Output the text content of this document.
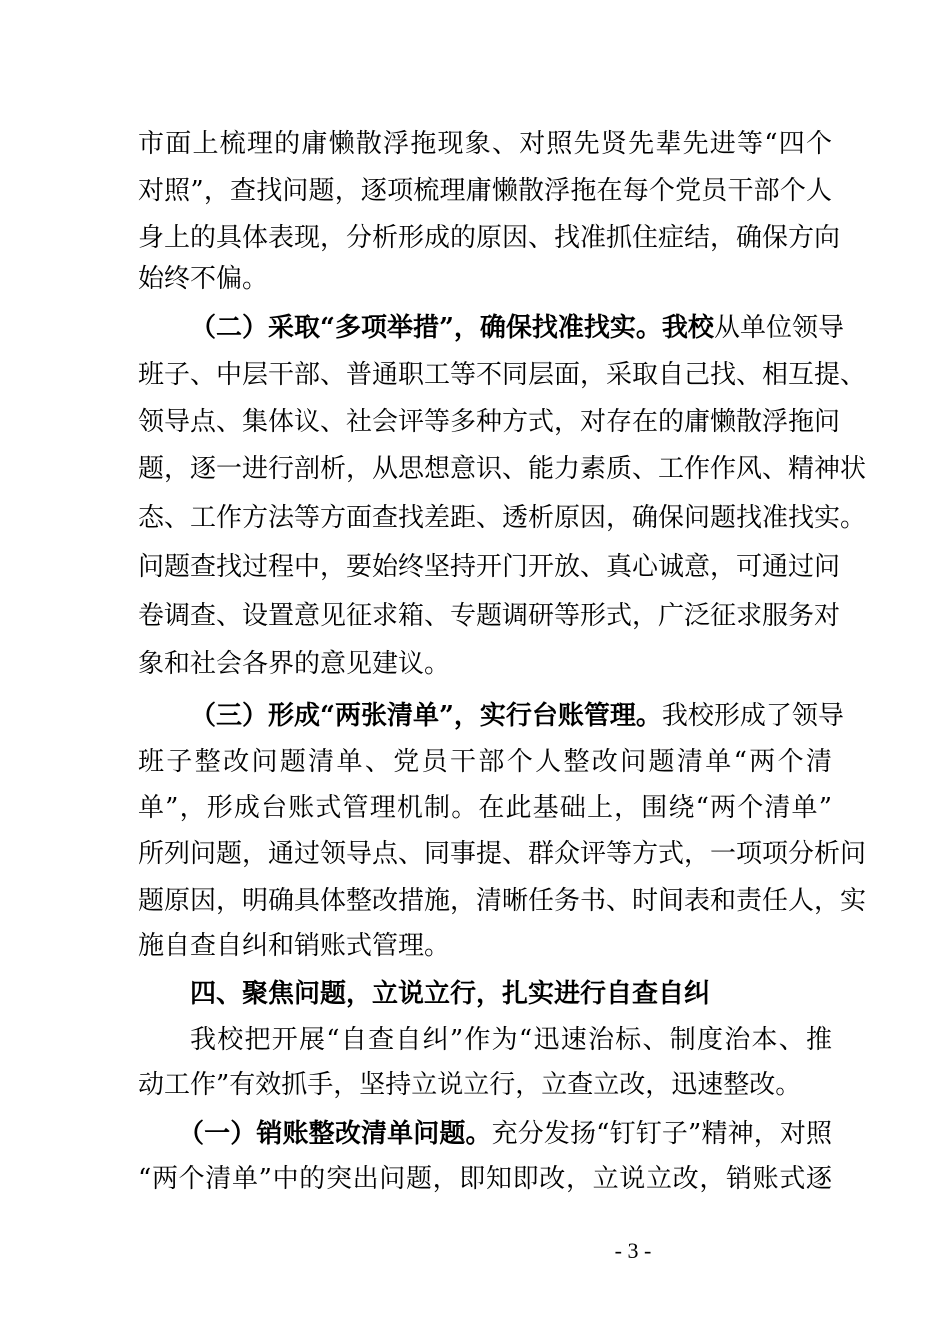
市面上梳理的庸懒散浮拖现象、对照先贤先辈先进等“四个
对照”，查找问题，逐项梳理庸懒散浮拖在每个党员干部个人
身上的具体表现，分析形成的原因、找准抓住症结，确保方向
始终不偏。
（二）采取“多项举措”，确保找准找实。我校从单位领导
班子、中层干部、普通职工等不同层面，采取自己找、相互提、
领导点、集体议、社会评等多种方式，对存在的庸懒散浮拖问
题，逐一进行剖析，从思想意识、能力素质、工作作风、精神状
态、工作方法等方面查找差距、透析原因，确保问题找准找实。
问题查找过程中，要始终坚持开门开放、真心诚意，可通过问
卷调查、设置意见征求箱、专题调研等形式，广泛征求服务对
象和社会各界的意见建议。
（三）形成“两张清单”，实行台账管理。我校形成了领导
班子整改问题清单、党员干部个人整改问题清单“两个清
单”，形成台账式管理机制。在此基础上，围绕“两个清单”
所列问题，通过领导点、同事提、群众评等方式，一项项分析问
题原因，明确具体整改措施，清晰任务书、时间表和责任人，实
施自查自纠和销账式管理。
四、聚焦问题，立说立行，扎实进行自查自纠
我校把开展“自查自纠”作为“迅速治标、制度治本、推
动工作”有效抓手，坚持立说立行，立查立改，迅速整改。
（一）销账整改清单问题。充分发扬“钉钉子”精神，对照
“两个清单”中的突出问题，即知即改，立说立改，销账式逐
- 3 -
